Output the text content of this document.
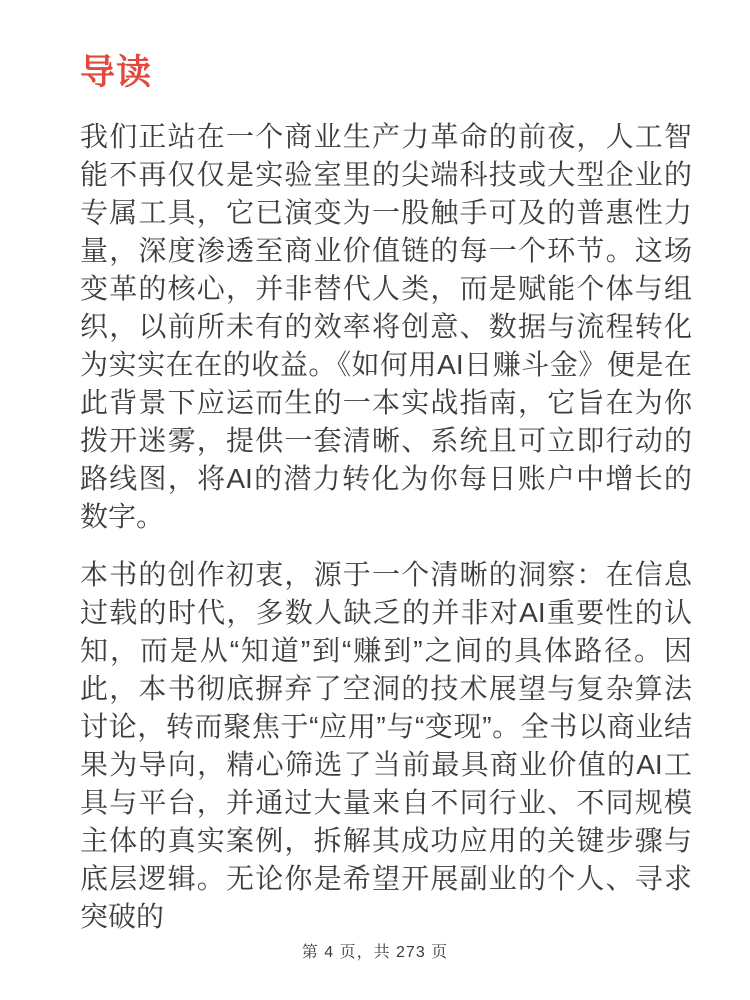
导读

我们正站在一个商业生产力革命的前夜，人工智能不再仅仅是实验室里的尖端科技或大型企业的专属工具，它已演变为一股触手可及的普惠性力量，深度渗透至商业价值链的每一个环节。这场变革的核心，并非替代人类，而是赋能个体与组织，以前所未有的效率将创意、数据与流程转化为实实在在的收益。《如何用AI日赚斗金》便是在此背景下应运而生的一本实战指南，它旨在为你拨开迷雾，提供一套清晰、系统且可立即行动的路线图，将AI的潜力转化为你每日账户中增长的数字。

本书的创作初衷，源于一个清晰的洞察：在信息过载的时代，多数人缺乏的并非对AI重要性的认知，而是从“知道”到“赚到”之间的具体路径。因此，本书彻底摒弃了空洞的技术展望与复杂算法讨论，转而聚焦于“应用”与“变现”。全书以商业结果为导向，精心筛选了当前最具商业价值的AI工具与平台，并通过大量来自不同行业、不同规模主体的真实案例，拆解其成功应用的关键步骤与底层逻辑。无论你是希望开展副业的个人、寻求突破的

第 4 页，共 273 页
